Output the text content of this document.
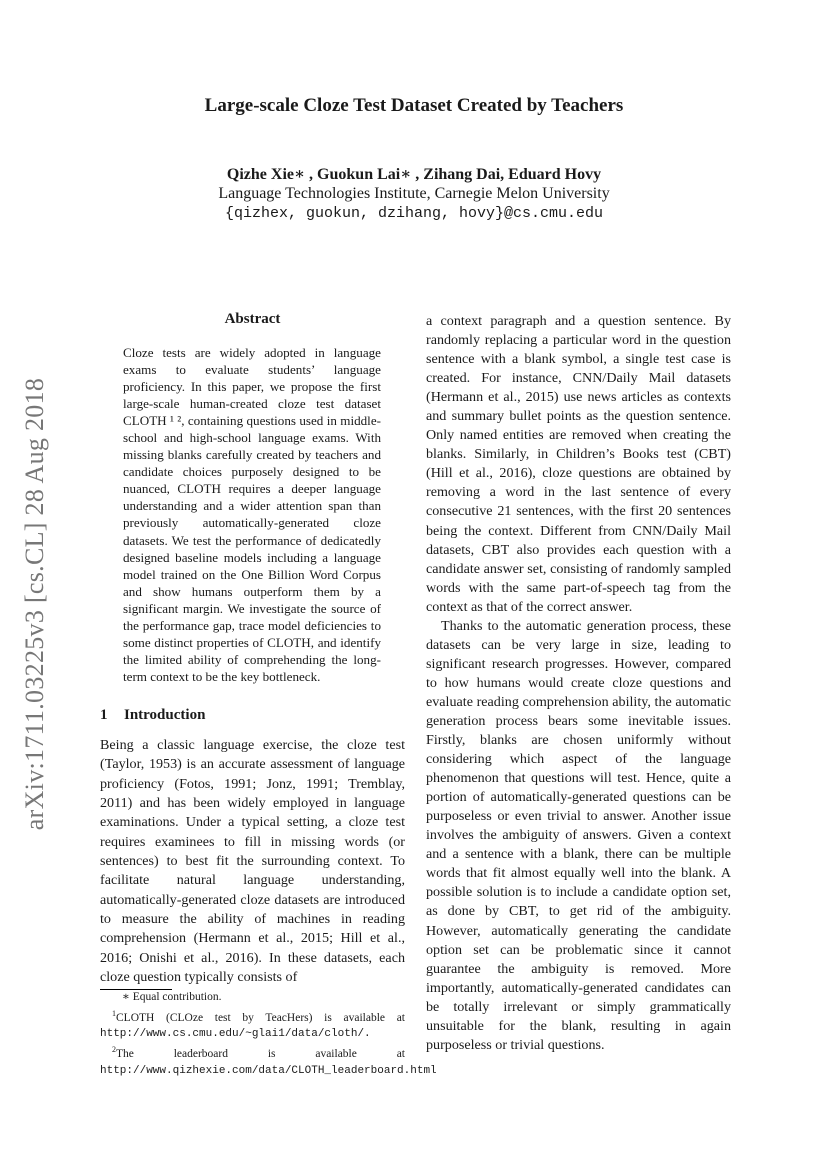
arXiv:1711.03225v3 [cs.CL] 28 Aug 2018
Large-scale Cloze Test Dataset Created by Teachers
Qizhe Xie∗ , Guokun Lai∗ , Zihang Dai, Eduard Hovy
Language Technologies Institute, Carnegie Melon University
{qizhex, guokun, dzihang, hovy}@cs.cmu.edu
Abstract
Cloze tests are widely adopted in language exams to evaluate students’ language proficiency. In this paper, we propose the first large-scale human-created cloze test dataset CLOTH ¹ ², containing questions used in middle-school and high-school language exams. With missing blanks carefully created by teachers and candidate choices purposely designed to be nuanced, CLOTH requires a deeper language understanding and a wider attention span than previously automatically-generated cloze datasets. We test the performance of dedicatedly designed baseline models including a language model trained on the One Billion Word Corpus and show humans outperform them by a significant margin. We investigate the source of the performance gap, trace model deficiencies to some distinct properties of CLOTH, and identify the limited ability of comprehending the long-term context to be the key bottleneck.
1 Introduction

Being a classic language exercise, the cloze test (Taylor, 1953) is an accurate assessment of language proficiency (Fotos, 1991; Jonz, 1991; Tremblay, 2011) and has been widely employed in language examinations. Under a typical setting, a cloze test requires examinees to fill in missing words (or sentences) to best fit the surrounding context. To facilitate natural language understanding, automatically-generated cloze datasets are introduced to measure the ability of machines in reading comprehension (Hermann et al., 2015; Hill et al., 2016; Onishi et al., 2016). In these datasets, each cloze question typically consists of

∗ Equal contribution.
$^1$CLOTH (CLOze test by TeacHers) is available at http://www.cs.cmu.edu/~glai1/data/cloth/.
$^2$The leaderboard is available at http://www.qizhexie.com/data/CLOTH_leaderboard.html

a context paragraph and a question sentence. By randomly replacing a particular word in the question sentence with a blank symbol, a single test case is created. For instance, CNN/Daily Mail datasets (Hermann et al., 2015) use news articles as contexts and summary bullet points as the question sentence. Only named entities are removed when creating the blanks. Similarly, in Children’s Books test (CBT) (Hill et al., 2016), cloze questions are obtained by removing a word in the last sentence of every consecutive 21 sentences, with the first 20 sentences being the context. Different from CNN/Daily Mail datasets, CBT also provides each question with a candidate answer set, consisting of randomly sampled words with the same part-of-speech tag from the context as that of the correct answer.

Thanks to the automatic generation process, these datasets can be very large in size, leading to significant research progresses. However, compared to how humans would create cloze questions and evaluate reading comprehension ability, the automatic generation process bears some inevitable issues. Firstly, blanks are chosen uniformly without considering which aspect of the language phenomenon that questions will test. Hence, quite a portion of automatically-generated questions can be purposeless or even trivial to answer. Another issue involves the ambiguity of answers. Given a context and a sentence with a blank, there can be multiple words that fit almost equally well into the blank. A possible solution is to include a candidate option set, as done by CBT, to get rid of the ambiguity. However, automatically generating the candidate option set can be problematic since it cannot guarantee the ambiguity is removed. More importantly, automatically-generated candidates can be totally irrelevant or simply grammatically unsuitable for the blank, resulting in again purposeless or trivial questions.
